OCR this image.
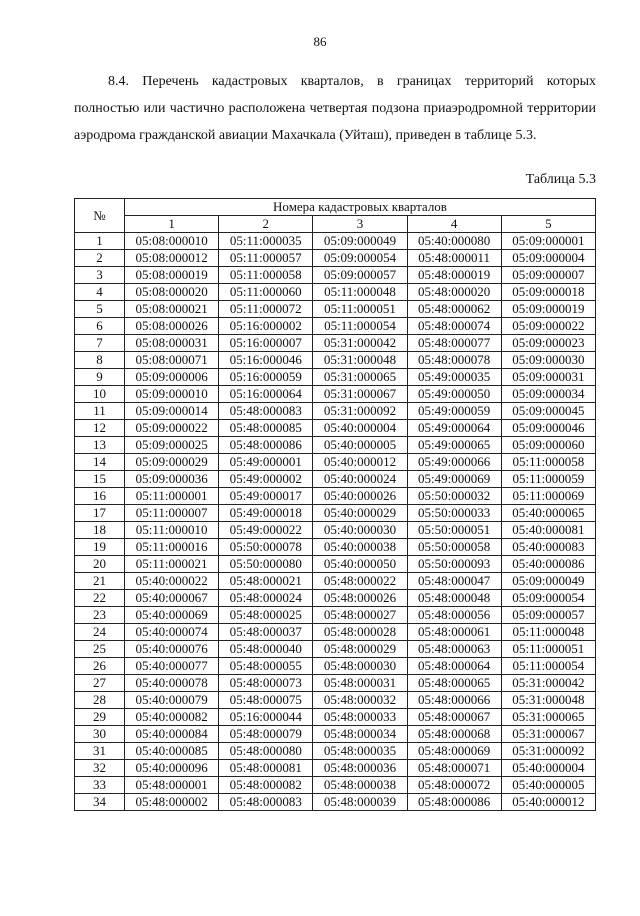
86

8.4. Перечень кадастровых кварталов, в границах территорий которых полностью или частично расположена четвертая подзона приаэродромной территории аэродрома гражданской авиации Махачкала (Уйташ), приведен в таблице 5.3.

Таблица 5.3
№	Номера кадастровых кварталов				
	1	2	3	4	5
1	05:08:000010	05:11:000035	05:09:000049	05:40:000080	05:09:000001
2	05:08:000012	05:11:000057	05:09:000054	05:48:000011	05:09:000004
3	05:08:000019	05:11:000058	05:09:000057	05:48:000019	05:09:000007
4	05:08:000020	05:11:000060	05:11:000048	05:48:000020	05:09:000018
5	05:08:000021	05:11:000072	05:11:000051	05:48:000062	05:09:000019
6	05:08:000026	05:16:000002	05:11:000054	05:48:000074	05:09:000022
7	05:08:000031	05:16:000007	05:31:000042	05:48:000077	05:09:000023
8	05:08:000071	05:16:000046	05:31:000048	05:48:000078	05:09:000030
9	05:09:000006	05:16:000059	05:31:000065	05:49:000035	05:09:000031
10	05:09:000010	05:16:000064	05:31:000067	05:49:000050	05:09:000034
11	05:09:000014	05:48:000083	05:31:000092	05:49:000059	05:09:000045
12	05:09:000022	05:48:000085	05:40:000004	05:49:000064	05:09:000046
13	05:09:000025	05:48:000086	05:40:000005	05:49:000065	05:09:000060
14	05:09:000029	05:49:000001	05:40:000012	05:49:000066	05:11:000058
15	05:09:000036	05:49:000002	05:40:000024	05:49:000069	05:11:000059
16	05:11:000001	05:49:000017	05:40:000026	05:50:000032	05:11:000069
17	05:11:000007	05:49:000018	05:40:000029	05:50:000033	05:40:000065
18	05:11:000010	05:49:000022	05:40:000030	05:50:000051	05:40:000081
19	05:11:000016	05:50:000078	05:40:000038	05:50:000058	05:40:000083
20	05:11:000021	05:50:000080	05:40:000050	05:50:000093	05:40:000086
21	05:40:000022	05:48:000021	05:48:000022	05:48:000047	05:09:000049
22	05:40:000067	05:48:000024	05:48:000026	05:48:000048	05:09:000054
23	05:40:000069	05:48:000025	05:48:000027	05:48:000056	05:09:000057
24	05:40:000074	05:48:000037	05:48:000028	05:48:000061	05:11:000048
25	05:40:000076	05:48:000040	05:48:000029	05:48:000063	05:11:000051
26	05:40:000077	05:48:000055	05:48:000030	05:48:000064	05:11:000054
27	05:40:000078	05:48:000073	05:48:000031	05:48:000065	05:31:000042
28	05:40:000079	05:48:000075	05:48:000032	05:48:000066	05:31:000048
29	05:40:000082	05:16:000044	05:48:000033	05:48:000067	05:31:000065
30	05:40:000084	05:48:000079	05:48:000034	05:48:000068	05:31:000067
31	05:40:000085	05:48:000080	05:48:000035	05:48:000069	05:31:000092
32	05:40:000096	05:48:000081	05:48:000036	05:48:000071	05:40:000004
33	05:48:000001	05:48:000082	05:48:000038	05:48:000072	05:40:000005
34	05:48:000002	05:48:000083	05:48:000039	05:48:000086	05:40:000012
